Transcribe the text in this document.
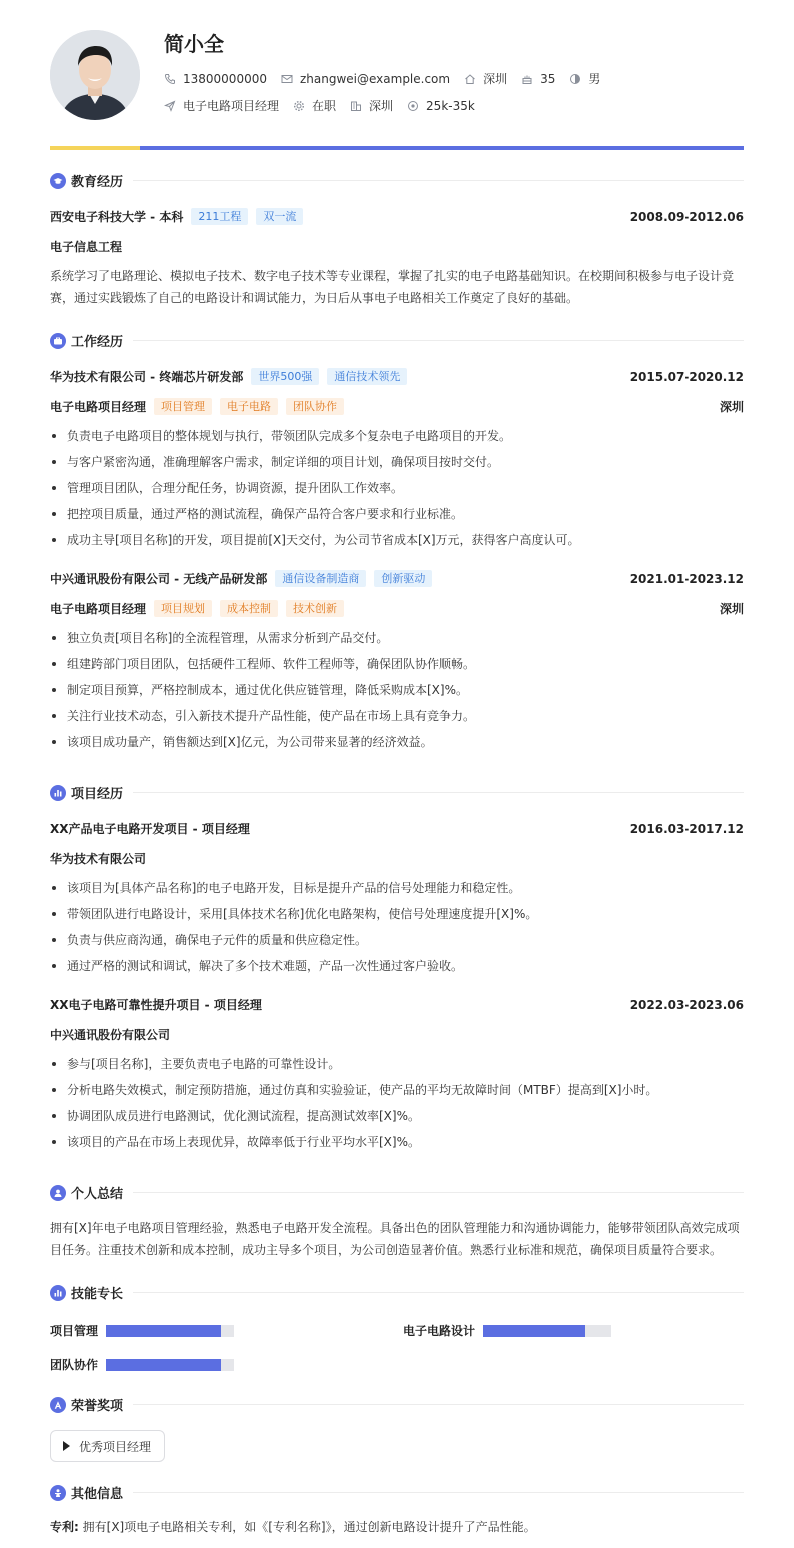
简小全
13800000000	zhangwei@example.com	深圳	35	男
电子电路项目经理	在职	深圳	25k-35k
教育经历
西安电子科技大学 - 本科	211工程	双一流	2008.09-2012.06
电子信息工程
系统学习了电路理论、模拟电子技术、数字电子技术等专业课程，掌握了扎实的电子电路基础知识。在校期间积极参与电子设计竞赛，通过实践锻炼了自己的电路设计和调试能力，为日后从事电子电路相关工作奠定了良好的基础。
工作经历
华为技术有限公司 - 终端芯片研发部	世界500强	通信技术领先	2015.07-2020.12
电子电路项目经理	项目管理	电子电路	团队协作	深圳
负责电子电路项目的整体规划与执行，带领团队完成多个复杂电子电路项目的开发。
与客户紧密沟通，准确理解客户需求，制定详细的项目计划，确保项目按时交付。
管理项目团队，合理分配任务，协调资源，提升团队工作效率。
把控项目质量，通过严格的测试流程，确保产品符合客户要求和行业标准。
成功主导[项目名称]的开发，项目提前[X]天交付，为公司节省成本[X]万元，获得客户高度认可。
中兴通讯股份有限公司 - 无线产品研发部	通信设备制造商	创新驱动	2021.01-2023.12
电子电路项目经理	项目规划	成本控制	技术创新	深圳
独立负责[项目名称]的全流程管理，从需求分析到产品交付。
组建跨部门项目团队，包括硬件工程师、软件工程师等，确保团队协作顺畅。
制定项目预算，严格控制成本，通过优化供应链管理，降低采购成本[X]%。
关注行业技术动态，引入新技术提升产品性能，使产品在市场上具有竞争力。
该项目成功量产，销售额达到[X]亿元，为公司带来显著的经济效益。
项目经历
XX产品电子电路开发项目 - 项目经理	2016.03-2017.12
华为技术有限公司
该项目为[具体产品名称]的电子电路开发，目标是提升产品的信号处理能力和稳定性。
带领团队进行电路设计，采用[具体技术名称]优化电路架构，使信号处理速度提升[X]%。
负责与供应商沟通，确保电子元件的质量和供应稳定性。
通过严格的测试和调试，解决了多个技术难题，产品一次性通过客户验收。
XX电子电路可靠性提升项目 - 项目经理	2022.03-2023.06
中兴通讯股份有限公司
参与[项目名称]，主要负责电子电路的可靠性设计。
分析电路失效模式，制定预防措施，通过仿真和实验验证，使产品的平均无故障时间（MTBF）提高到[X]小时。
协调团队成员进行电路测试，优化测试流程，提高测试效率[X]%。
该项目的产品在市场上表现优异，故障率低于行业平均水平[X]%。
个人总结
拥有[X]年电子电路项目管理经验，熟悉电子电路开发全流程。具备出色的团队管理能力和沟通协调能力，能够带领团队高效完成项目任务。注重技术创新和成本控制，成功主导多个项目，为公司创造显著价值。熟悉行业标准和规范，确保项目质量符合要求。
技能专长
项目管理	电子电路设计
团队协作
荣誉奖项
优秀项目经理
其他信息
专利: 拥有[X]项电子电路相关专利，如《[专利名称]》，通过创新电路设计提升了产品性能。
